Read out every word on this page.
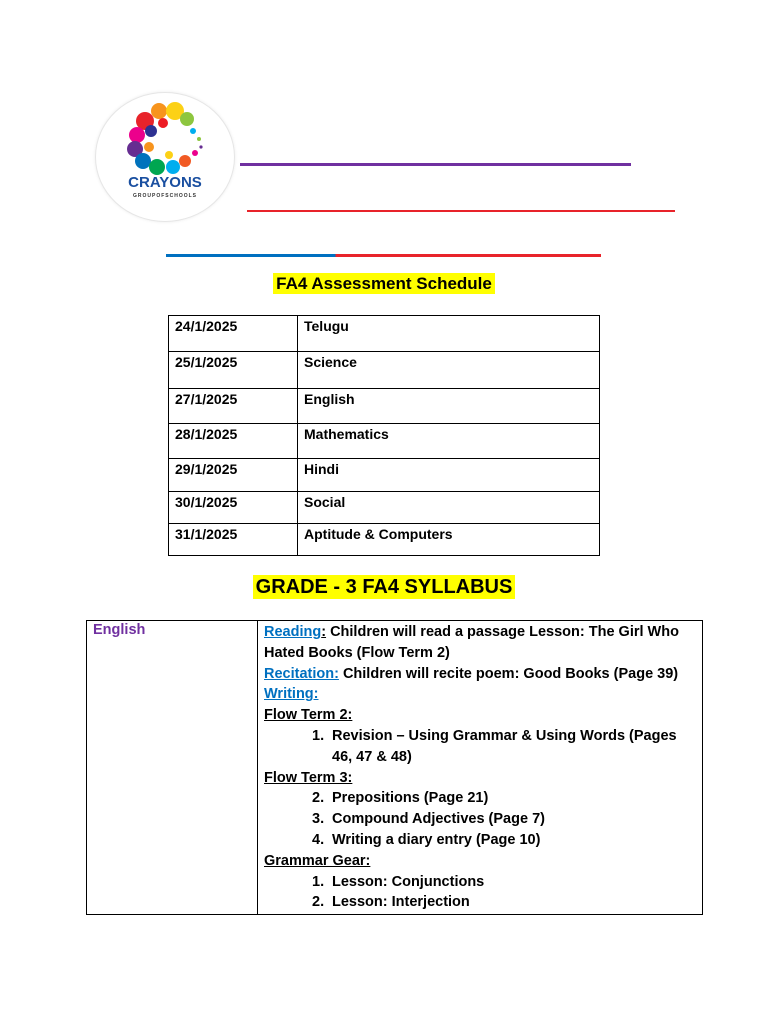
CRAYONS
GROUPOFSCHOOLS
FA4 Assessment Schedule
24/1/2025	Telugu
25/1/2025	Science
27/1/2025	English
28/1/2025	Mathematics
29/1/2025	Hindi
30/1/2025	Social
31/1/2025	Aptitude & Computers
GRADE - 3 FA4 SYLLABUS
English	Reading: Children will read a passage Lesson: The Girl Who Hated Books (Flow Term 2)
Recitation: Children will recite poem: Good Books (Page 39)
Writing:
Flow Term 2:
1. Revision – Using Grammar & Using Words (Pages 46, 47 & 48)
Flow Term 3:
2. Prepositions (Page 21)
3. Compound Adjectives (Page 7)
4. Writing a diary entry (Page 10)
Grammar Gear:
1. Lesson: Conjunctions
2. Lesson: Interjection
